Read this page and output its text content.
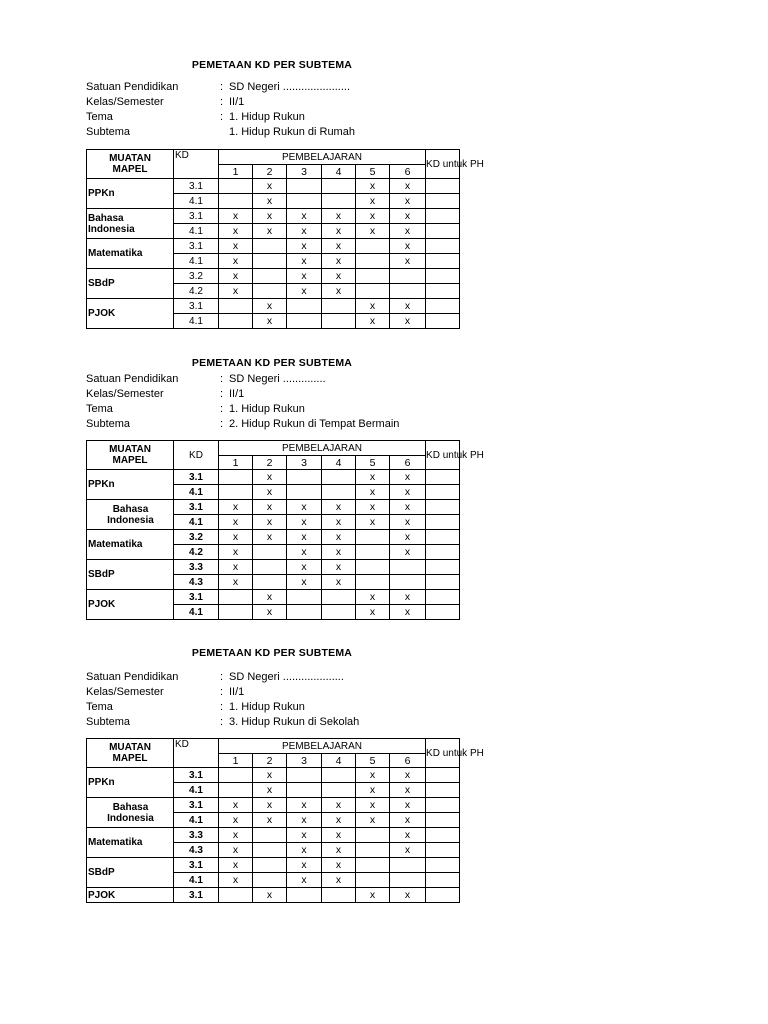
PEMETAAN KD PER SUBTEMA
Satuan Pendidikan	: SD Negeri ......................
Kelas/Semester	: II/1
Tema	: 1. Hidup Rukun
Subtema	1. Hidup Rukun di Rumah
MUATAN
MAPEL	KD	PEMBELAJARAN						KD untuk PH
		1	2	3	4	5	6	
PPKn	3.1		x			x	x	
	4.1		x			x	x	

Bahasa
Indonesia	3.1	x	x	x	x	x	x	
	4.1	x	x	x	x	x	x	
Matematika	3.1	x		x	x		x	
	4.1	x		x	x		x	
SBdP	3.2	x		x	x			
	4.2	x		x	x			
PJOK	3.1		x			x	x	
	4.1		x			x	x	
PEMETAAN KD PER SUBTEMA
Satuan Pendidikan	: SD Negeri ..............
Kelas/Semester	: II/1
Tema	: 1. Hidup Rukun
Subtema	: 2. Hidup Rukun di Tempat Bermain
MUATAN
MAPEL	KD	PEMBELAJARAN						KD untuk PH
		1	2	3	4	5	6	
PPKn	3.1		x			x	x	
	4.1		x			x	x	

Bahasa
Indonesia	3.1	x	x	x	x	x	x	
	4.1	x	x	x	x	x	x	
Matematika	3.2	x	x	x	x		x	
	4.2	x		x	x		x	
SBdP	3.3	x		x	x			
	4.3	x		x	x			
PJOK	3.1		x			x	x	
	4.1		x			x	x	
PEMETAAN KD PER SUBTEMA
Satuan Pendidikan	: SD Negeri ....................
Kelas/Semester	: II/1
Tema	: 1. Hidup Rukun
Subtema	: 3. Hidup Rukun di Sekolah
MUATAN
MAPEL	KD	PEMBELAJARAN						KD untuk PH
		1	2	3	4	5	6	
PPKn	3.1		x			x	x	
	4.1		x			x	x	

Bahasa
Indonesia	3.1	x	x	x	x	x	x	
	4.1	x	x	x	x	x	x	
Matematika	3.3	x		x	x		x	
	4.3	x		x	x		x	
SBdP	3.1	x		x	x			
	4.1	x		x	x			
PJOK	3.1		x			x	x	
